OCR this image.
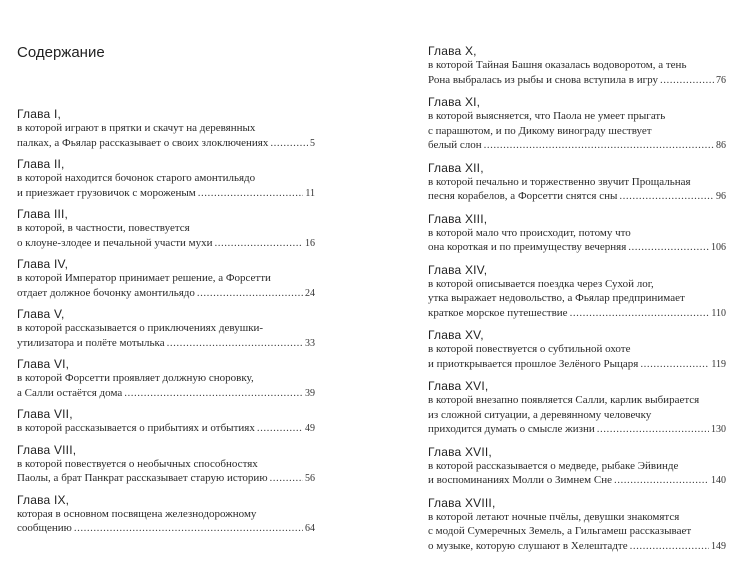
Содержание
Глава I,
в которой играют в прятки и скачут на деревянных
палках, а Фьялар рассказывает о своих злоключениях .....	5
Глава II,
в которой находится бочонок старого амонтильядо
и приезжает грузовичок с мороженым .....	11
Глава III,
в которой, в частности, повествуется
о клоуне-злодее и печальной участи мухи .....	16
Глава IV,
в которой Император принимает решение, а Форсетти
отдает должное бочонку амонтильядо .....	24
Глава V,
в которой рассказывается о приключениях девушки-
утилизатора и полёте мотылька .....	33
Глава VI,
в которой Форсетти проявляет должную сноровку,
а Салли остаётся дома .....	39
Глава VII,
в которой рассказывается о прибытиях и отбытиях .....	49
Глава VIII,
в которой повествуется о необычных способностях
Паолы, а брат Панкрат рассказывает старую историю .....	56
Глава IX,
которая в основном посвящена железнодорожному
сообщению .....	64
Глава X,
в которой Тайная Башня оказалась водоворотом, а тень
Рона выбралась из рыбы и снова вступила в игру .....	76
Глава XI,
в которой выясняется, что Паола не умеет прыгать
с парашютом, и по Дикому винограду шествует
белый слон .....	86
Глава XII,
в которой печально и торжественно звучит Прощальная
песня корабелов, а Форсетти снятся сны .....	96
Глава XIII,
в которой мало что происходит, потому что
она короткая и по преимуществу вечерняя .....	106
Глава XIV,
в которой описывается поездка через Сухой лог,
утка выражает недовольство, а Фьялар предпринимает
краткое морское путешествие .....	110
Глава XV,
в которой повествуется о субтильной охоте
и приоткрывается прошлое Зелёного Рыцаря .....	119
Глава XVI,
в которой внезапно появляется Салли, карлик выбирается
из сложной ситуации, а деревянному человечку
приходится думать о смысле жизни .....	130
Глава XVII,
в которой рассказывается о медведе, рыбаке Эйвинде
и воспоминаниях Молли о Зимнем Сне .....	140
Глава XVIII,
в которой летают ночные пчёлы, девушки знакомятся
с модой Сумеречных Земель, а Гильгамеш рассказывает
о музыке, которую слушают в Хелештадте .....	149
